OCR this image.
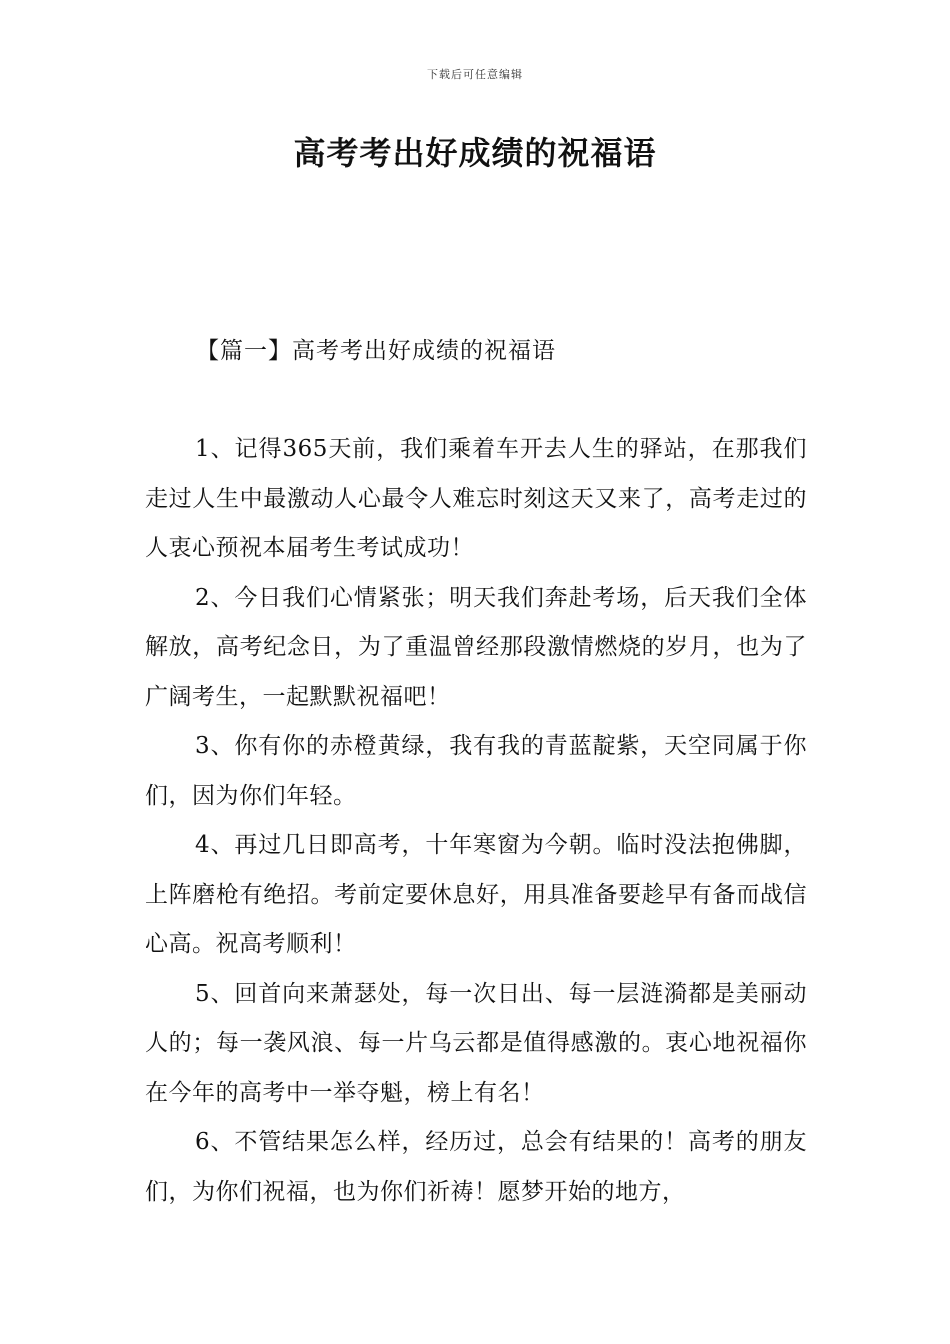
下载后可任意编辑
高考考出好成绩的祝福语
【篇一】高考考出好成绩的祝福语

1、记得365天前，我们乘着车开去人生的驿站，在那我们走过人生中最激动人心最令人难忘时刻这天又来了，高考走过的人衷心预祝本届考生考试成功！

2、今日我们心情紧张；明天我们奔赴考场，后天我们全体解放，高考纪念日，为了重温曾经那段激情燃烧的岁月，也为了广阔考生，一起默默祝福吧！

3、你有你的赤橙黄绿，我有我的青蓝靛紫，天空同属于你们，因为你们年轻。

4、再过几日即高考，十年寒窗为今朝。临时没法抱佛脚，上阵磨枪有绝招。考前定要休息好，用具准备要趁早有备而战信心高。祝高考顺利！

5、回首向来萧瑟处，每一次日出、每一层涟漪都是美丽动人的；每一袭风浪、每一片乌云都是值得感激的。衷心地祝福你在今年的高考中一举夺魁，榜上有名！

6、不管结果怎么样，经历过，总会有结果的！高考的朋友们，为你们祝福，也为你们祈祷！愿梦开始的地方，
